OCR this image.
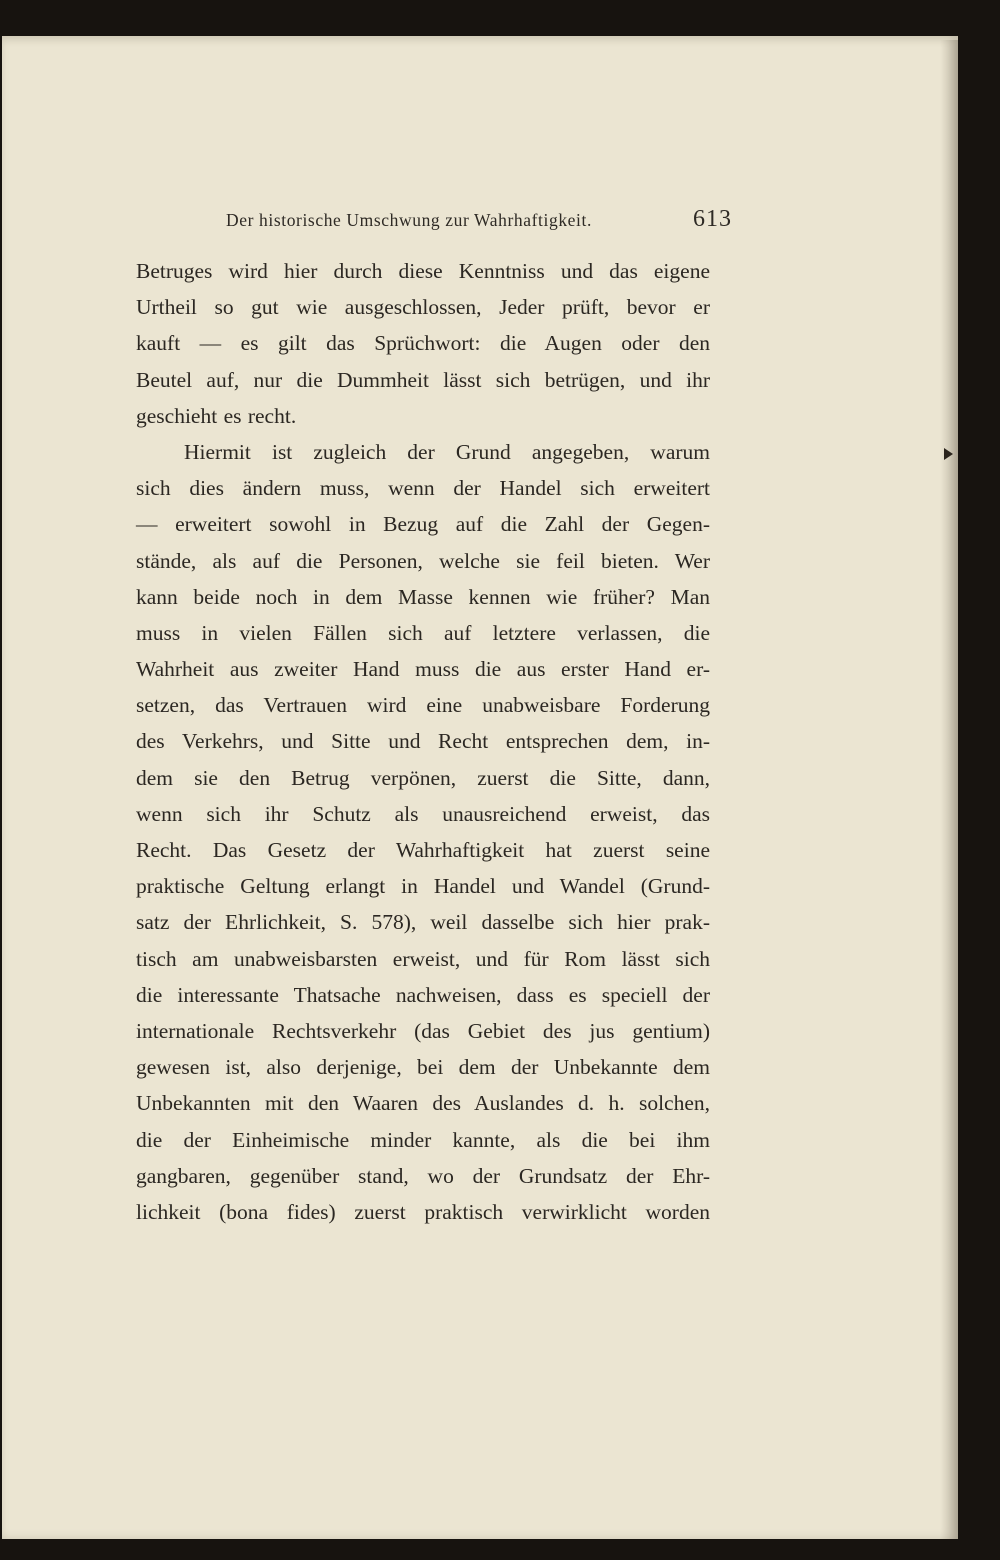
Der historische Umschwung zur Wahrhaftigkeit.	613
Betruges wird hier durch diese Kenntniss und das eigene
Urtheil so gut wie ausgeschlossen, Jeder prüft, bevor er
kauft — es gilt das Sprüchwort: die Augen oder den
Beutel auf, nur die Dummheit lässt sich betrügen, und ihr
geschieht es recht.
Hiermit ist zugleich der Grund angegeben, warum
sich dies ändern muss, wenn der Handel sich erweitert
— erweitert sowohl in Bezug auf die Zahl der Gegen-
stände, als auf die Personen, welche sie feil bieten. Wer
kann beide noch in dem Masse kennen wie früher? Man
muss in vielen Fällen sich auf letztere verlassen, die
Wahrheit aus zweiter Hand muss die aus erster Hand er-
setzen, das Vertrauen wird eine unabweisbare Forderung
des Verkehrs, und Sitte und Recht entsprechen dem, in-
dem sie den Betrug verpönen, zuerst die Sitte, dann,
wenn sich ihr Schutz als unausreichend erweist, das
Recht. Das Gesetz der Wahrhaftigkeit hat zuerst seine
praktische Geltung erlangt in Handel und Wandel (Grund-
satz der Ehrlichkeit, S. 578), weil dasselbe sich hier prak-
tisch am unabweisbarsten erweist, und für Rom lässt sich
die interessante Thatsache nachweisen, dass es speciell der
internationale Rechtsverkehr (das Gebiet des jus gentium)
gewesen ist, also derjenige, bei dem der Unbekannte dem
Unbekannten mit den Waaren des Auslandes d. h. solchen,
die der Einheimische minder kannte, als die bei ihm
gangbaren, gegenüber stand, wo der Grundsatz der Ehr-
lichkeit (bona fides) zuerst praktisch verwirklicht worden
